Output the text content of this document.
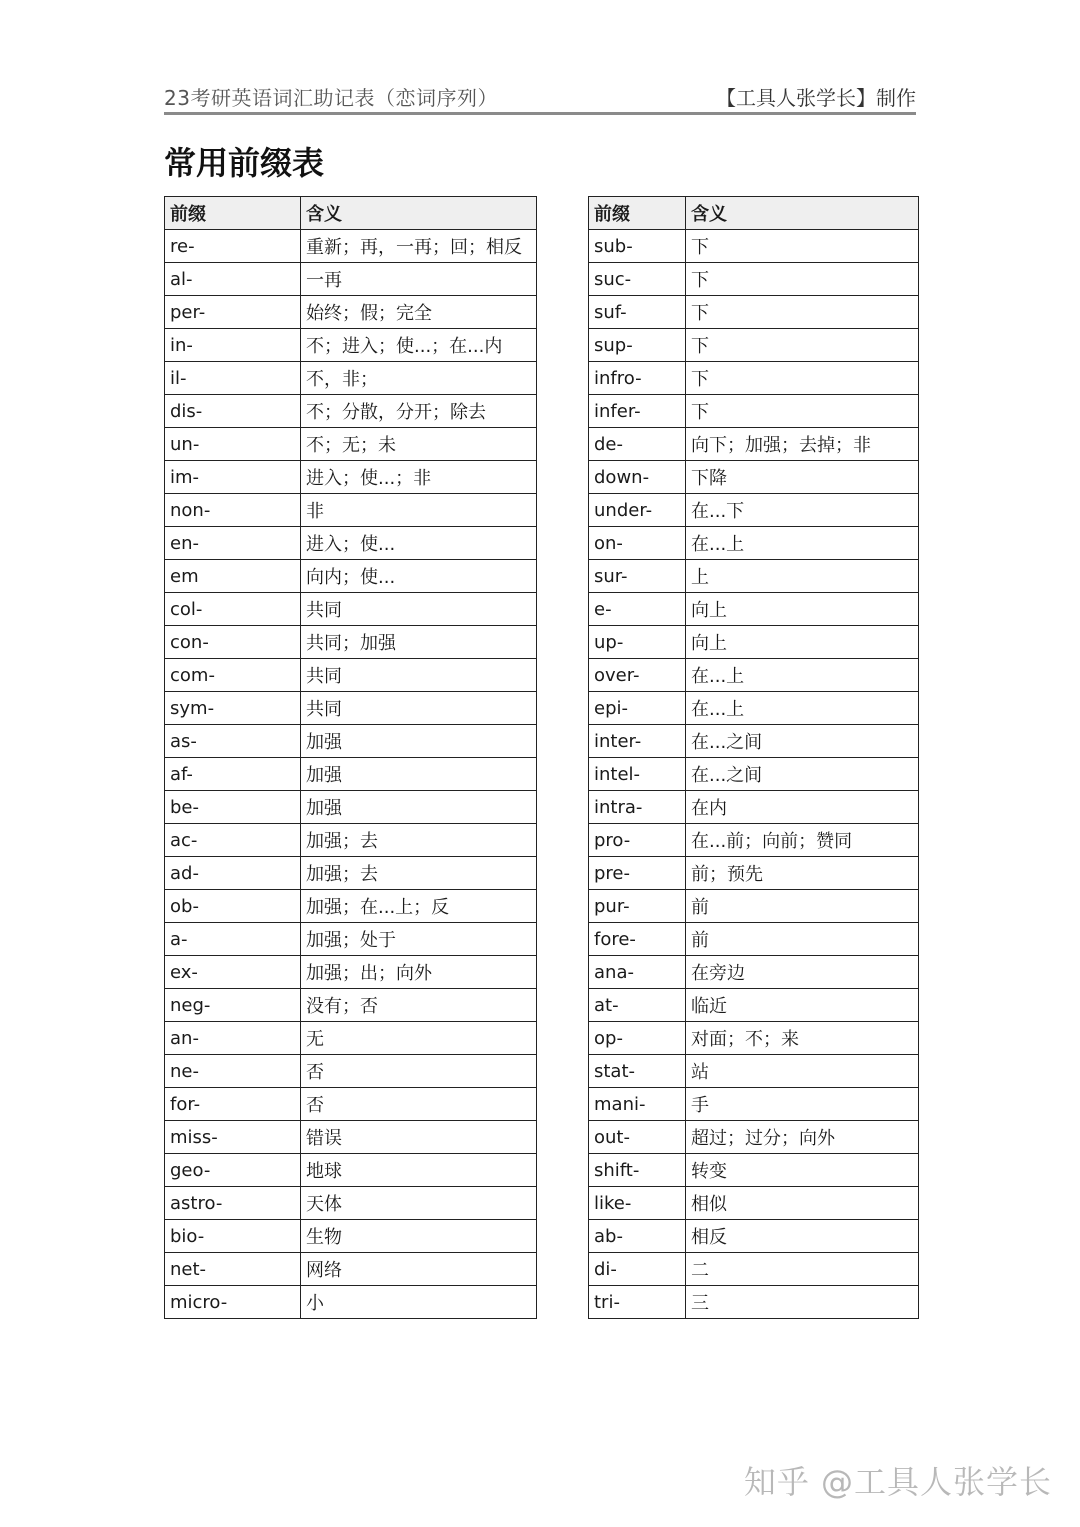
23考研英语词汇助记表（恋词序列）	【工具人张学长】制作
常用前缀表
前缀	含义
re-	重新；再，一再；回；相反
al-	一再
per-	始终；假；完全
in-	不；进入；使...；在...内
il-	不，非；
dis-	不；分散，分开；除去
un-	不；无；未
im-	进入；使...；非
non-	非
en-	进入；使...
em	向内；使...
col-	共同
con-	共同；加强
com-	共同
sym-	共同
as-	加强
af-	加强
be-	加强
ac-	加强；去
ad-	加强；去
ob-	加强；在...上；反
a-	加强；处于
ex-	加强；出；向外
neg-	没有；否
an-	无
ne-	否
for-	否
miss-	错误
geo-	地球
astro-	天体
bio-	生物
net-	网络
micro-	小
前缀	含义
sub-	下
suc-	下
suf-	下
sup-	下
infro-	下
infer-	下
de-	向下；加强；去掉；非
down-	下降
under-	在...下
on-	在...上
sur-	上
e-	向上
up-	向上
over-	在...上
epi-	在...上
inter-	在...之间
intel-	在...之间
intra-	在内
pro-	在...前；向前；赞同
pre-	前；预先
pur-	前
fore-	前
ana-	在旁边
at-	临近
op-	对面；不；来
stat-	站
mani-	手
out-	超过；过分；向外
shift-	转变
like-	相似
ab-	相反
di-	二
tri-	三
知乎 @工具人张学长
